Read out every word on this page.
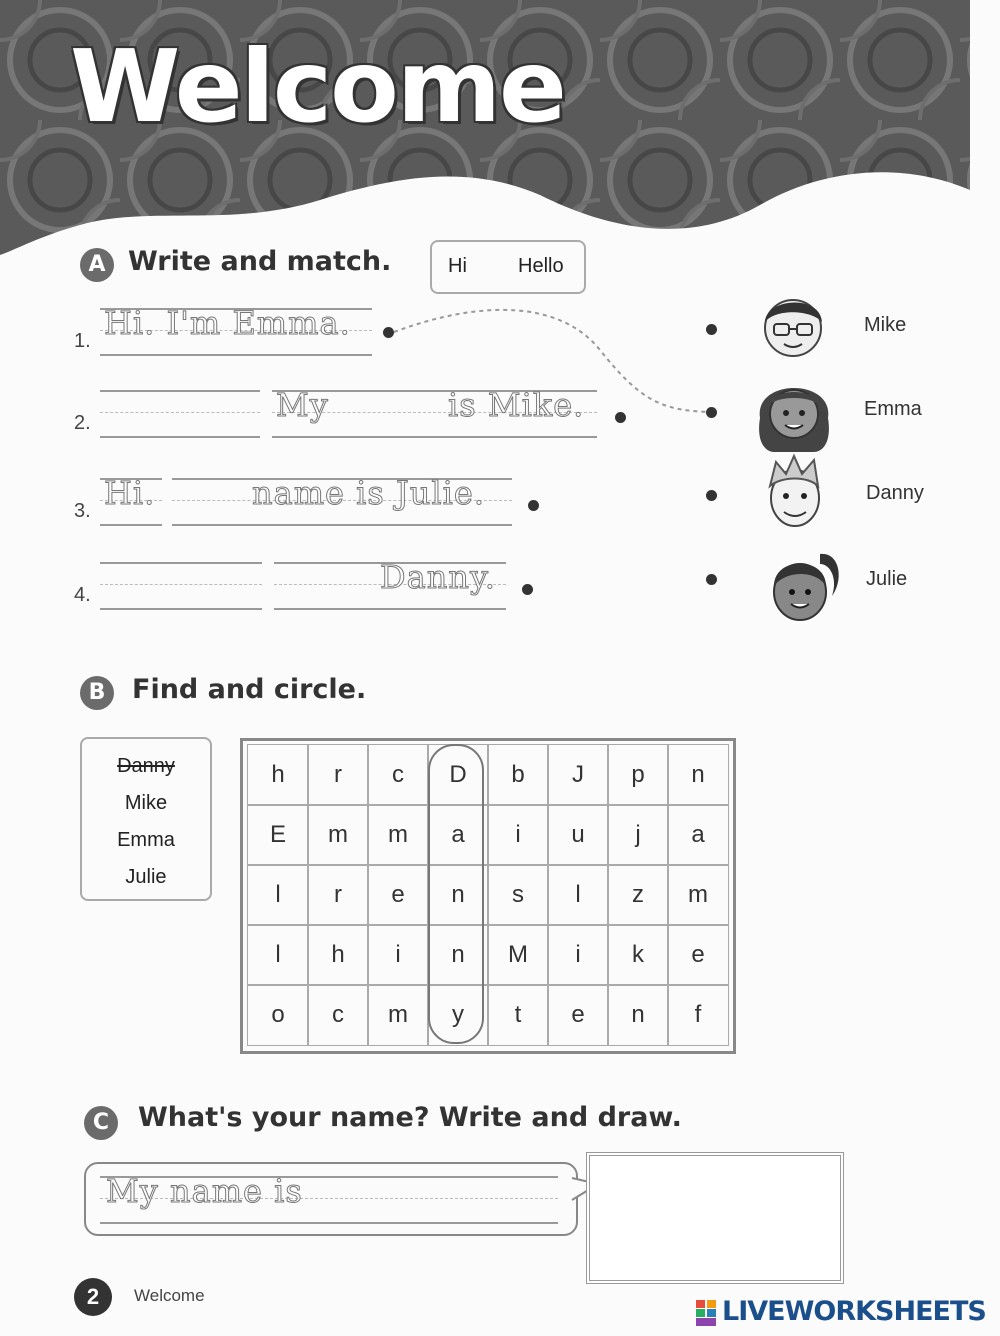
Welcome
A Write and match.	Hi	Hello
1. Hi. I'm Emma.
2.	My	is Mike.
3. Hi.	name is Julie.
4.	Danny.
Mike
Emma
Danny
Julie
B Find and circle.
Danny
Mike
Emma
Julie
h	r	c	D	b	J	p	n
E	m	m	a	i	u	j	a
l	r	e	n	s	l	z	m
l	h	i	n	M	i	k	e
o	c	m	y	t	e	n	f
C	What's your name? Write and draw.
My name is
2	Welcome
LIVEWORKSHEETS
